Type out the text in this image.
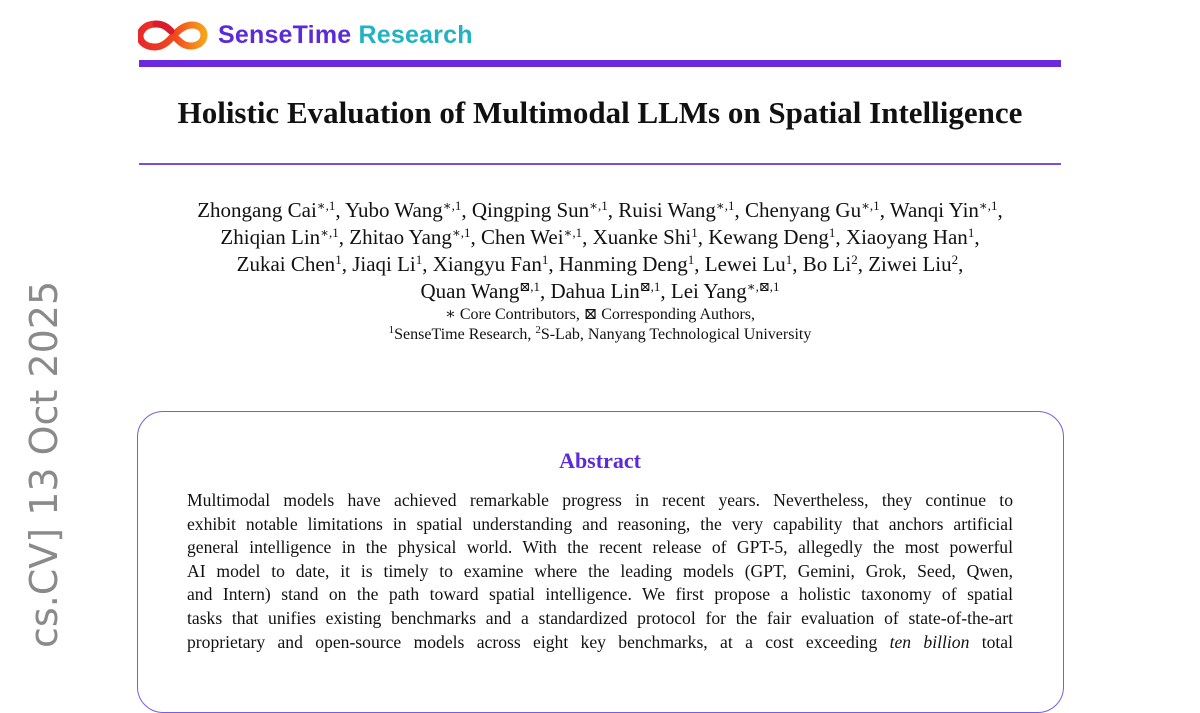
SenseTime Research
Holistic Evaluation of Multimodal LLMs on Spatial Intelligence
Zhongang Cai$^{∗,1}$, Yubo Wang$^{∗,1}$, Qingping Sun$^{∗,1}$, Ruisi Wang$^{∗,1}$, Chenyang $Gu^{∗,1}$, Wanqi Yin$^{∗,1}$,
Zhiqian Lin$^{∗,1}$, Zhitao Yang$^{∗,1}$, Chen Wei$^{∗,1}$, Xuanke Shi$^1$, Kewang Deng$^1$, Xiaoyang Han$^1$,
Zukai Chen$^1$, Jiaqi Li$^1$, Xiangyu Fan$^1$, Hanming Deng$^1$, Lewei Lu$^1$, Bo Li$^2$, Ziwei Liu$^2$,
Quan Wang$^{⊠,1}$, Dahua Lin$^{⊠,1}$, Lei Yang$^{∗,⊠,1}$
∗ Core Contributors, ⊠ Corresponding Authors,
$^1$SenseTime Research, $^2$S-Lab, Nanyang Technological University
cs.CV] 13 Oct 2025	Abstract
Multimodal models have achieved remarkable progress in recent years. Nevertheless, they continue to
exhibit notable limitations in spatial understanding and reasoning, the very capability that anchors artificial
general intelligence in the physical world. With the recent release of GPT-5, allegedly the most powerful
AI model to date, it is timely to examine where the leading models (GPT, Gemini, Grok, Seed, Qwen,
and Intern) stand on the path toward spatial intelligence. We first propose a holistic taxonomy of spatial
tasks that unifies existing benchmarks and a standardized protocol for the fair evaluation of state-of-the-art
proprietary and open-source models across eight key benchmarks, at a cost exceeding ten billion total
